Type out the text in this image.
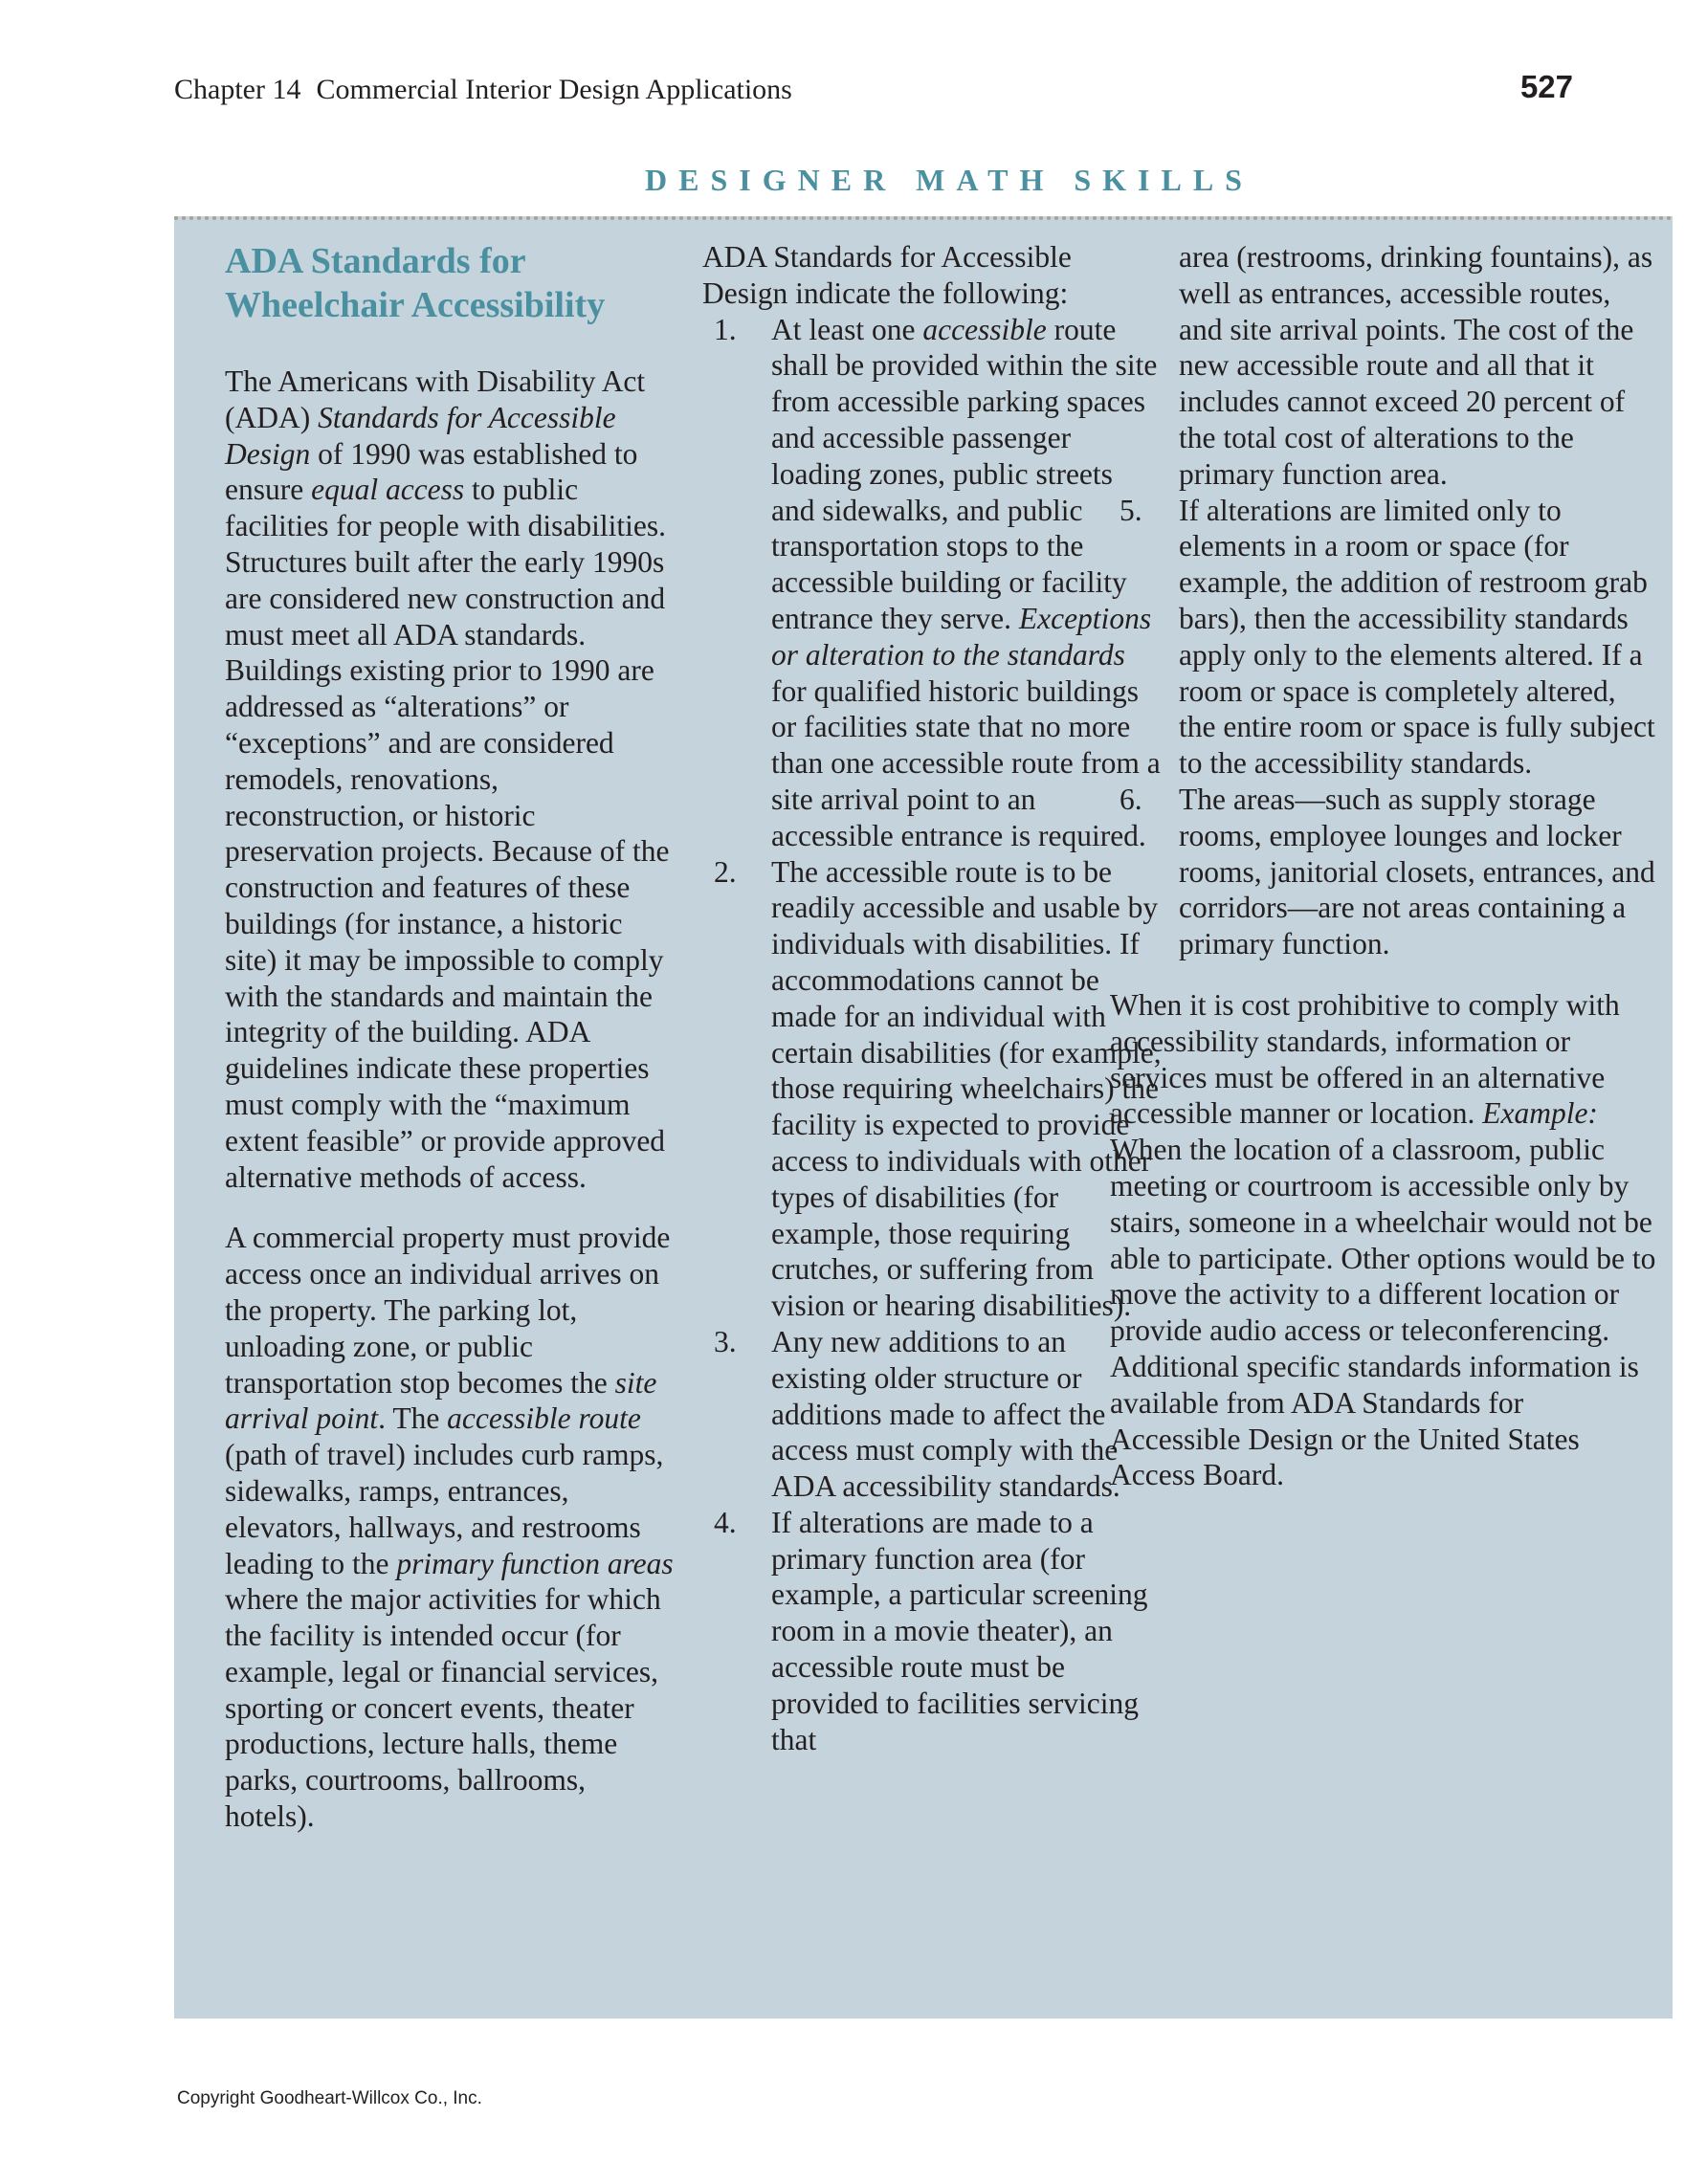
Chapter 14 Commercial Interior Design Applications	527
DESIGNER MATH SKILLS
ADA Standards for
Wheelchair Accessibility

The Americans with Disability Act (ADA) Standards for Accessible Design of 1990 was established to ensure equal access to public facilities for people with disabilities. Structures built after the early 1990s are considered new construction and must meet all ADA standards. Buildings existing prior to 1990 are addressed as “alterations” or “exceptions” and are considered remodels, renovations, reconstruction, or historic preservation projects. Because of the construction and features of these buildings (for instance, a historic site) it may be impossible to comply with the standards and maintain the integrity of the building. ADA guidelines indicate these properties must comply with the “maximum extent feasible” or provide approved alternative methods of access.

A commercial property must provide access once an individual arrives on the property. The parking lot, unloading zone, or public transportation stop becomes the site arrival point. The accessible route (path of travel) includes curb ramps, sidewalks, ramps, entrances, elevators, hallways, and restrooms leading to the primary function areas where the major activities for which the facility is intended occur (for example, legal or financial services, sporting or concert events, theater productions, lecture halls, theme parks, courtrooms, ballrooms, hotels).

ADA Standards for Accessible Design indicate the following:

1. At least one accessible route shall be provided within the site from accessible parking spaces and accessible passenger loading zones, public streets and sidewalks, and public transportation stops to the accessible building or facility entrance they serve. Exceptions or alteration to the standards for qualified historic buildings or facilities state that no more than one accessible route from a site arrival point to an accessible entrance is required.
2. The accessible route is to be readily accessible and usable by individuals with disabilities. If accommodations cannot be made for an individual with certain disabilities (for example, those requiring wheelchairs) the facility is expected to provide access to individuals with other types of disabilities (for example, those requiring crutches, or suffering from vision or hearing disabilities).
3. Any new additions to an existing older structure or additions made to affect the access must comply with the ADA accessibility standards.
4. If alterations are made to a primary function area (for example, a particular screening room in a movie theater), an accessible route must be provided to facilities servicing that
area (restrooms, drinking fountains), as well as entrances, accessible routes, and site arrival points. The cost of the new accessible route and all that it includes cannot exceed 20 percent of the total cost of alterations to the primary function area.
5. If alterations are limited only to elements in a room or space (for example, the addition of restroom grab bars), then the accessibility standards apply only to the elements altered. If a room or space is completely altered, the entire room or space is fully subject to the accessibility standards.
6. The areas—such as supply storage rooms, employee lounges and locker rooms, janitorial closets, entrances, and corridors—are not areas containing a primary function.

When it is cost prohibitive to comply with accessibility standards, information or services must be offered in an alternative accessible manner or location. Example: When the location of a classroom, public meeting or courtroom is accessible only by stairs, someone in a wheelchair would not be able to participate. Other options would be to move the activity to a different location or provide audio access or teleconferencing.

Additional specific standards information is available from ADA Standards for Accessible Design or the United States Access Board.

Copyright Goodheart-Willcox Co., Inc.
